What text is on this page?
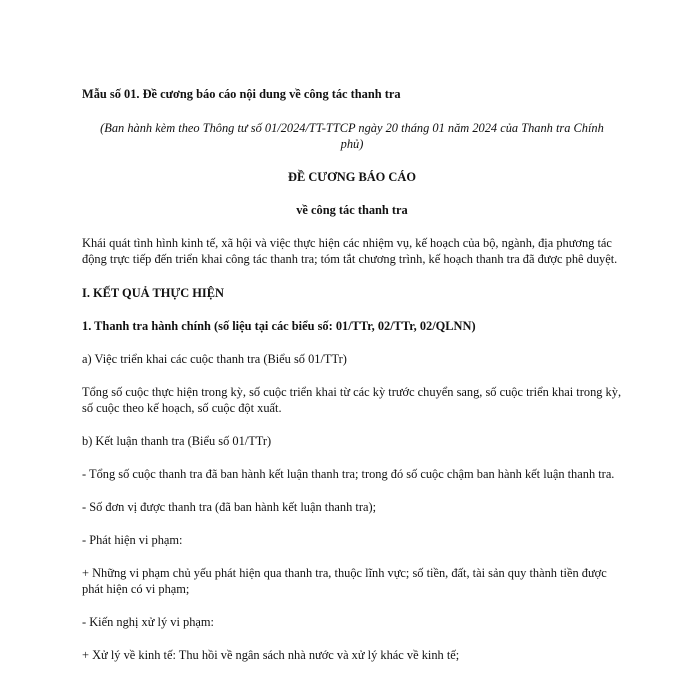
Mẫu số 01. Đề cương báo cáo nội dung về công tác thanh tra

(Ban hành kèm theo Thông tư số 01/2024/TT-TTCP ngày 20 tháng 01 năm 2024 của Thanh tra Chính phủ)

ĐỀ CƯƠNG BÁO CÁO

về công tác thanh tra

Khái quát tình hình kinh tế, xã hội và việc thực hiện các nhiệm vụ, kế hoạch của bộ, ngành, địa phương tác động trực tiếp đến triển khai công tác thanh tra; tóm tắt chương trình, kế hoạch thanh tra đã được phê duyệt.

I. KẾT QUẢ THỰC HIỆN

1. Thanh tra hành chính (số liệu tại các biểu số: 01/TTr, 02/TTr, 02/QLNN)

a) Việc triển khai các cuộc thanh tra (Biểu số 01/TTr)

Tổng số cuộc thực hiện trong kỳ, số cuộc triển khai từ các kỳ trước chuyển sang, số cuộc triển khai trong kỳ, số cuộc theo kế hoạch, số cuộc đột xuất.

b) Kết luận thanh tra (Biểu số 01/TTr)

- Tổng số cuộc thanh tra đã ban hành kết luận thanh tra; trong đó số cuộc chậm ban hành kết luận thanh tra.

- Số đơn vị được thanh tra (đã ban hành kết luận thanh tra);

- Phát hiện vi phạm:

+ Những vi phạm chủ yếu phát hiện qua thanh tra, thuộc lĩnh vực; số tiền, đất, tài sản quy thành tiền được phát hiện có vi phạm;

- Kiến nghị xử lý vi phạm:

+ Xử lý về kinh tế: Thu hồi về ngân sách nhà nước và xử lý khác về kinh tế;
